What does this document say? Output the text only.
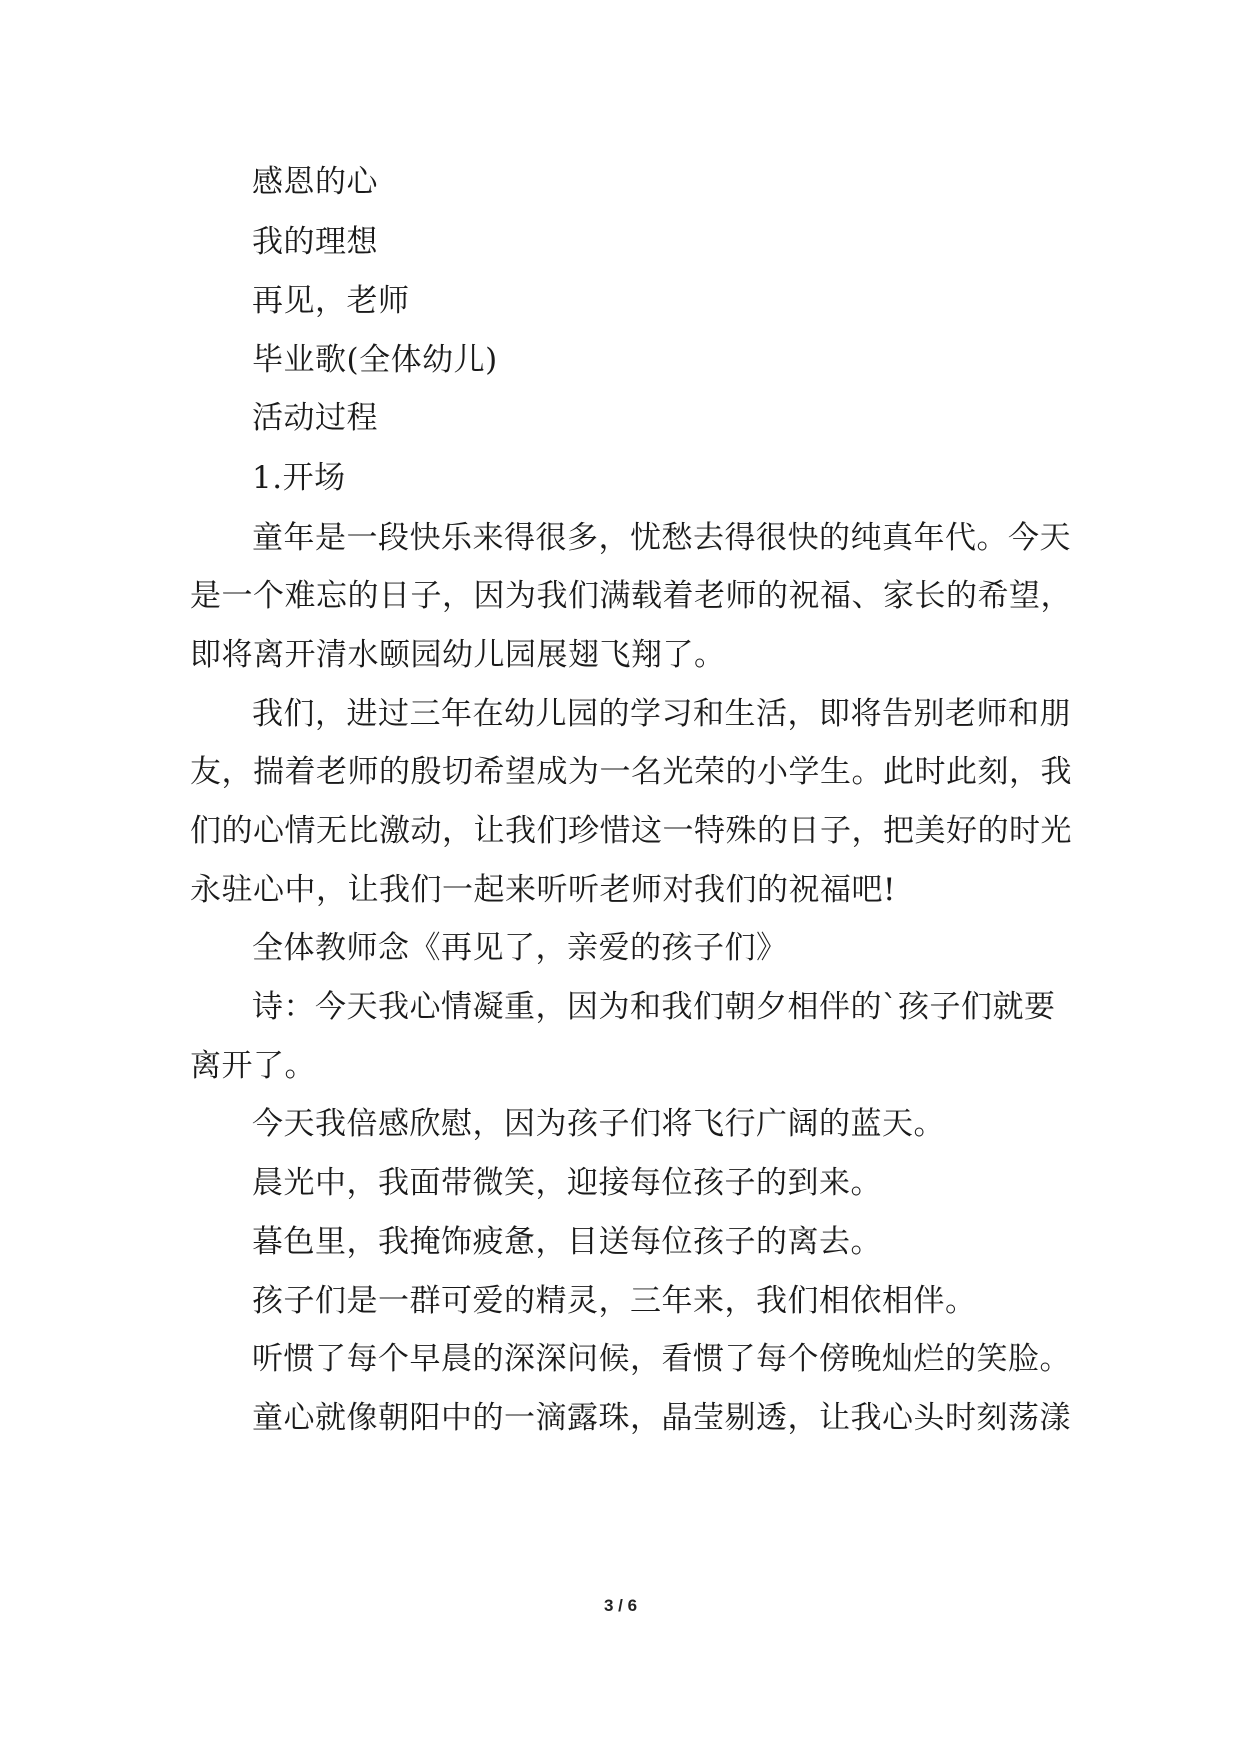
感恩的心
我的理想
再见，老师
毕业歌(全体幼儿)
活动过程
1.开场
童年是一段快乐来得很多，忧愁去得很快的纯真年代。今天
是一个难忘的日子，因为我们满载着老师的祝福、家长的希望，
即将离开清水颐园幼儿园展翅飞翔了。
我们，进过三年在幼儿园的学习和生活，即将告别老师和朋
友，揣着老师的殷切希望成为一名光荣的小学生。此时此刻，我
们的心情无比激动，让我们珍惜这一特殊的日子，把美好的时光
永驻心中，让我们一起来听听老师对我们的祝福吧!
全体教师念《再见了，亲爱的孩子们》
诗：今天我心情凝重，因为和我们朝夕相伴的`孩子们就要
离开了。
今天我倍感欣慰，因为孩子们将飞行广阔的蓝天。
晨光中，我面带微笑，迎接每位孩子的到来。
暮色里，我掩饰疲惫，目送每位孩子的离去。
孩子们是一群可爱的精灵，三年来，我们相依相伴。
听惯了每个早晨的深深问候，看惯了每个傍晚灿烂的笑脸。
童心就像朝阳中的一滴露珠，晶莹剔透，让我心头时刻荡漾
3 / 6
